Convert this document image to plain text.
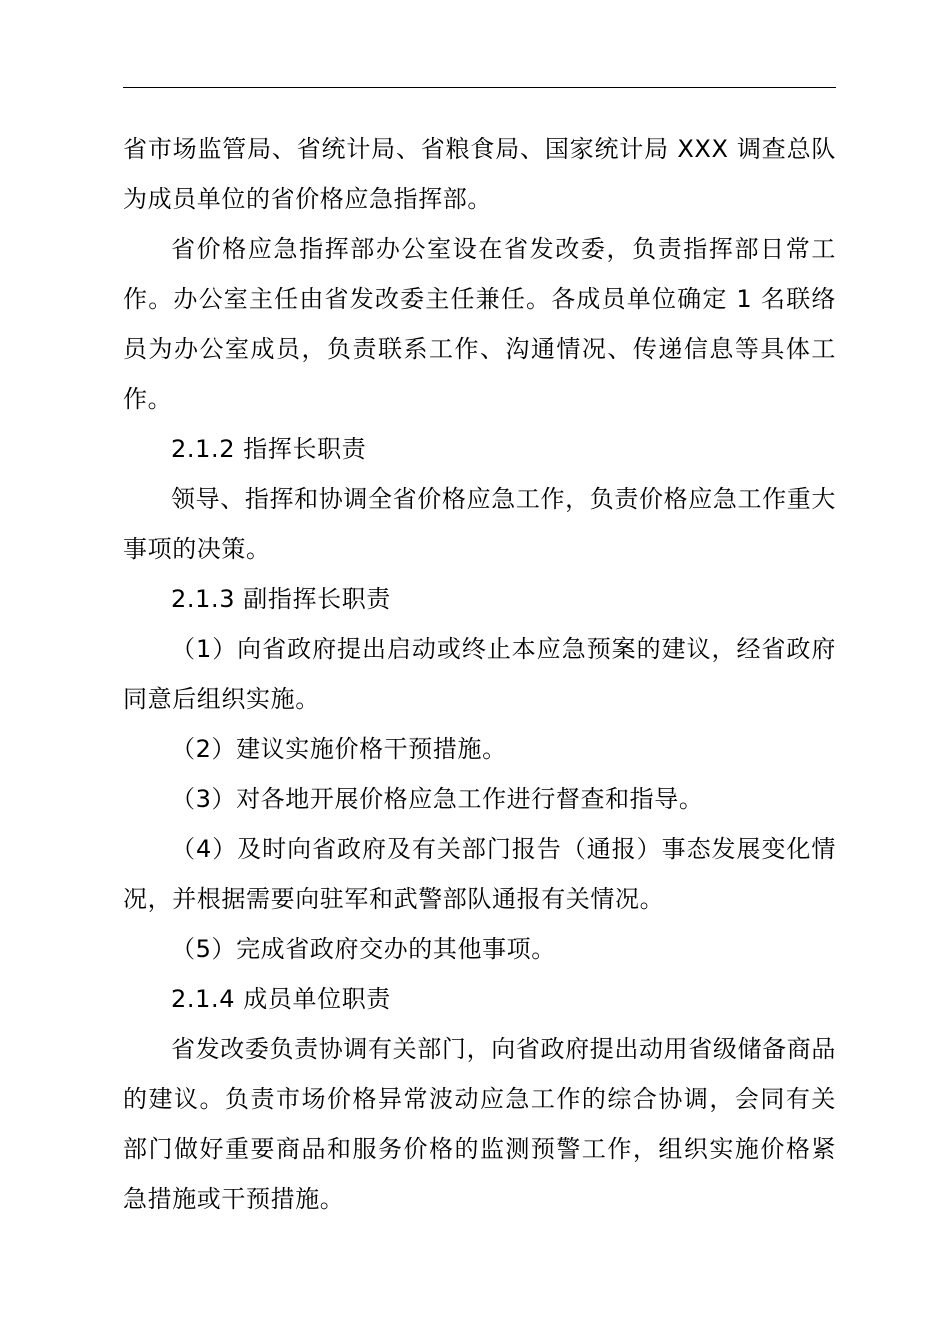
省市场监管局、省统计局、省粮食局、国家统计局 XXX 调查总队为成员单位的省价格应急指挥部。

省价格应急指挥部办公室设在省发改委，负责指挥部日常工作。办公室主任由省发改委主任兼任。各成员单位确定 1 名联络员为办公室成员，负责联系工作、沟通情况、传递信息等具体工作。

2.1.2 指挥长职责

领导、指挥和协调全省价格应急工作，负责价格应急工作重大事项的决策。

2.1.3 副指挥长职责

（1）向省政府提出启动或终止本应急预案的建议，经省政府同意后组织实施。

（2）建议实施价格干预措施。

（3）对各地开展价格应急工作进行督查和指导。

（4）及时向省政府及有关部门报告（通报）事态发展变化情况，并根据需要向驻军和武警部队通报有关情况。

（5）完成省政府交办的其他事项。

2.1.4 成员单位职责

省发改委负责协调有关部门，向省政府提出动用省级储备商品的建议。负责市场价格异常波动应急工作的综合协调，会同有关部门做好重要商品和服务价格的监测预警工作，组织实施价格紧急措施或干预措施。
